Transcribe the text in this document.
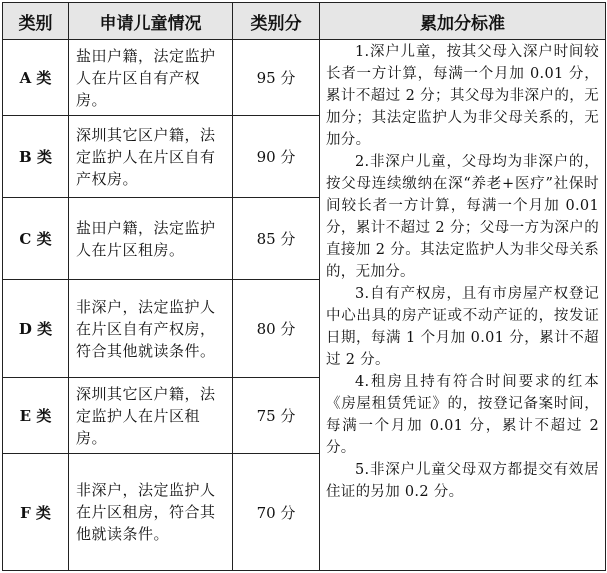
类别	申请儿童情况	类别分	累加分标准
A 类	盐田户籍，法定监护人在片区自有产权房。	95 分	1.深户儿童，按其父母入深户时间较长者一方计算，每满一个月加 0.01 分，累计不超过 2 分；其父母为非深户的，无加分；其法定监护人为非父母关系的，无加分。

2.非深户儿童，父母均为非深户的，按父母连续缴纳在深“养老+医疗”社保时间较长者一方计算，每满一个月加 0.01 分，累计不超过 2 分；父母一方为深户的直接加 2 分。其法定监护人为非父母关系的，无加分。

3.自有产权房，且有市房屋产权登记中心出具的房产证或不动产证的，按发证日期，每满 1 个月加 0.01 分，累计不超过 2 分。

4.租房且持有符合时间要求的红本《房屋租赁凭证》的，按登记备案时间，每满一个月加 0.01 分，累计不超过 2 分。

5.非深户儿童父母双方都提交有效居住证的另加 0.2 分。

B 类	深圳其它区户籍，法定监护人在片区自有产权房。	90 分	
C 类	盐田户籍，法定监护人在片区租房。	85 分	
D 类	非深户，法定监护人在片区自有产权房，符合其他就读条件。	80 分	
E 类	深圳其它区户籍，法定监护人在片区租房。	75 分	
F 类	非深户，法定监护人在片区租房，符合其他就读条件。	70 分	
